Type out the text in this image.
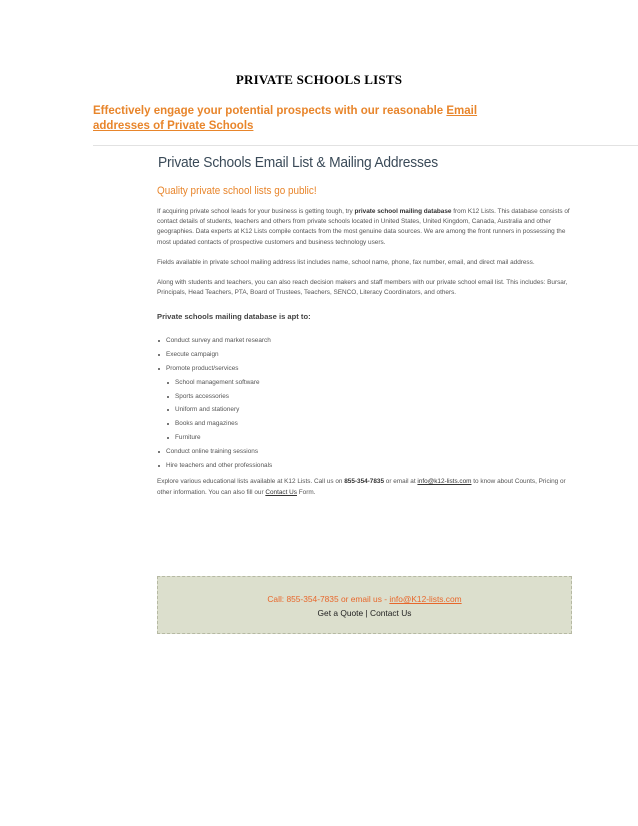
PRIVATE SCHOOLS LISTS
Effectively engage your potential prospects with our reasonable Email addresses of Private Schools
Private Schools Email List & Mailing Addresses
Quality private school lists go public!
If acquiring private school leads for your business is getting tough, try private school mailing database from K12 Lists. This database consists of contact details of students, teachers and others from private schools located in United States, United Kingdom, Canada, Australia and other geographies. Data experts at K12 Lists compile contacts from the most genuine data sources. We are among the front runners in possessing the most updated contacts of prospective customers and business technology users.
Fields available in private school mailing address list includes name, school name, phone, fax number, email, and direct mail address.
Along with students and teachers, you can also reach decision makers and staff members with our private school email list. This includes: Bursar, Principals, Head Teachers, PTA, Board of Trustees, Teachers, SENCO, Literacy Coordinators, and others.
Private schools mailing database is apt to:
Conduct survey and market research
Execute campaign
Promote product/services
School management software
Sports accessories
Uniform and stationery
Books and magazines
Furniture
Conduct online training sessions
Hire teachers and other professionals
Explore various educational lists available at K12 Lists. Call us on 855-354-7835 or email at info@k12-lists.com to know about Counts, Pricing or other information. You can also fill our Contact Us Form.
Call: 855-354-7835 or email us - info@K12-lists.com
Get a Quote | Contact Us
